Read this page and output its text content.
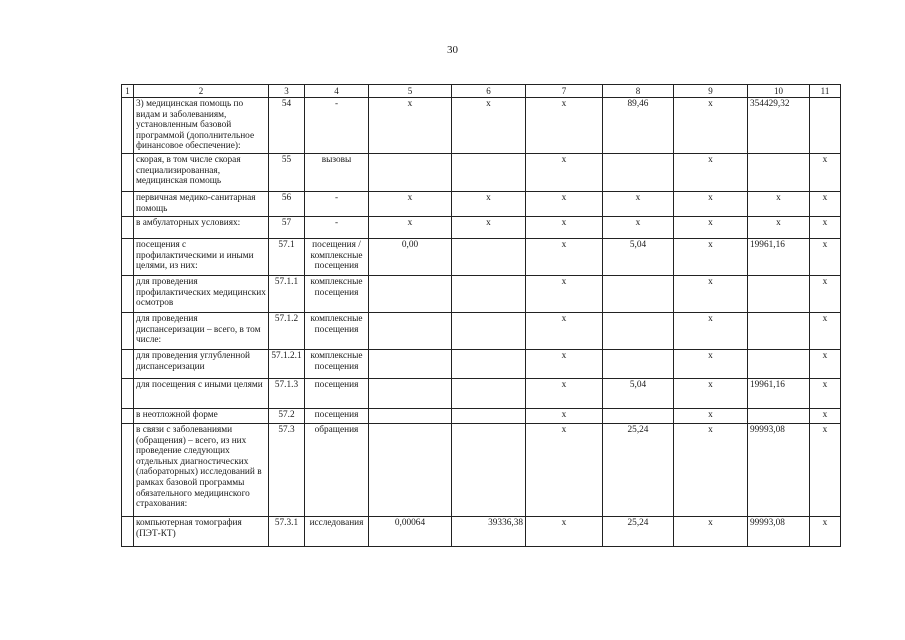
30
1	2	3	4	5	6	7	8	9	10	11
	3) медицинская помощь по видам и заболеваниям, установленным базовой программой (дополнительное финансовое обеспечение):	54	-	x	x	x	89,46	x	354429,32	
	скорая, в том числе скорая специализированная, медицинская помощь	55	вызовы			x		x		x
	первичная медико-санитарная помощь	56	-	x	x	x	x	x	x	x
	в амбулаторных условиях:	57	-	x	x	x	x	x	x	x
	посещения с профилактическими и иными целями, из них:	57.1	посещения / комплексные посещения	0,00		x	5,04	x	19961,16	x
	для проведения профилактических медицинских осмотров	57.1.1	комплексные посещения			x		x		x
	для проведения диспансеризации – всего, в том числе:	57.1.2	комплексные посещения			x		x		x
	для проведения углубленной диспансеризации	57.1.2.1	комплексные посещения			x		x		x
	для посещения с иными целями	57.1.3	посещения			x	5,04	x	19961,16	x
	в неотложной форме	57.2	посещения			x		x		x
	в связи с заболеваниями (обращения) – всего, из них проведение следующих отдельных диагностических (лабораторных) исследований в рамках базовой программы обязательного медицинского страхования:	57.3	обращения			x	25,24	x	99993,08	x
	компьютерная томография (ПЭТ-КТ)	57.3.1	исследования	0,00064	39336,38	x	25,24	x	99993,08	x
